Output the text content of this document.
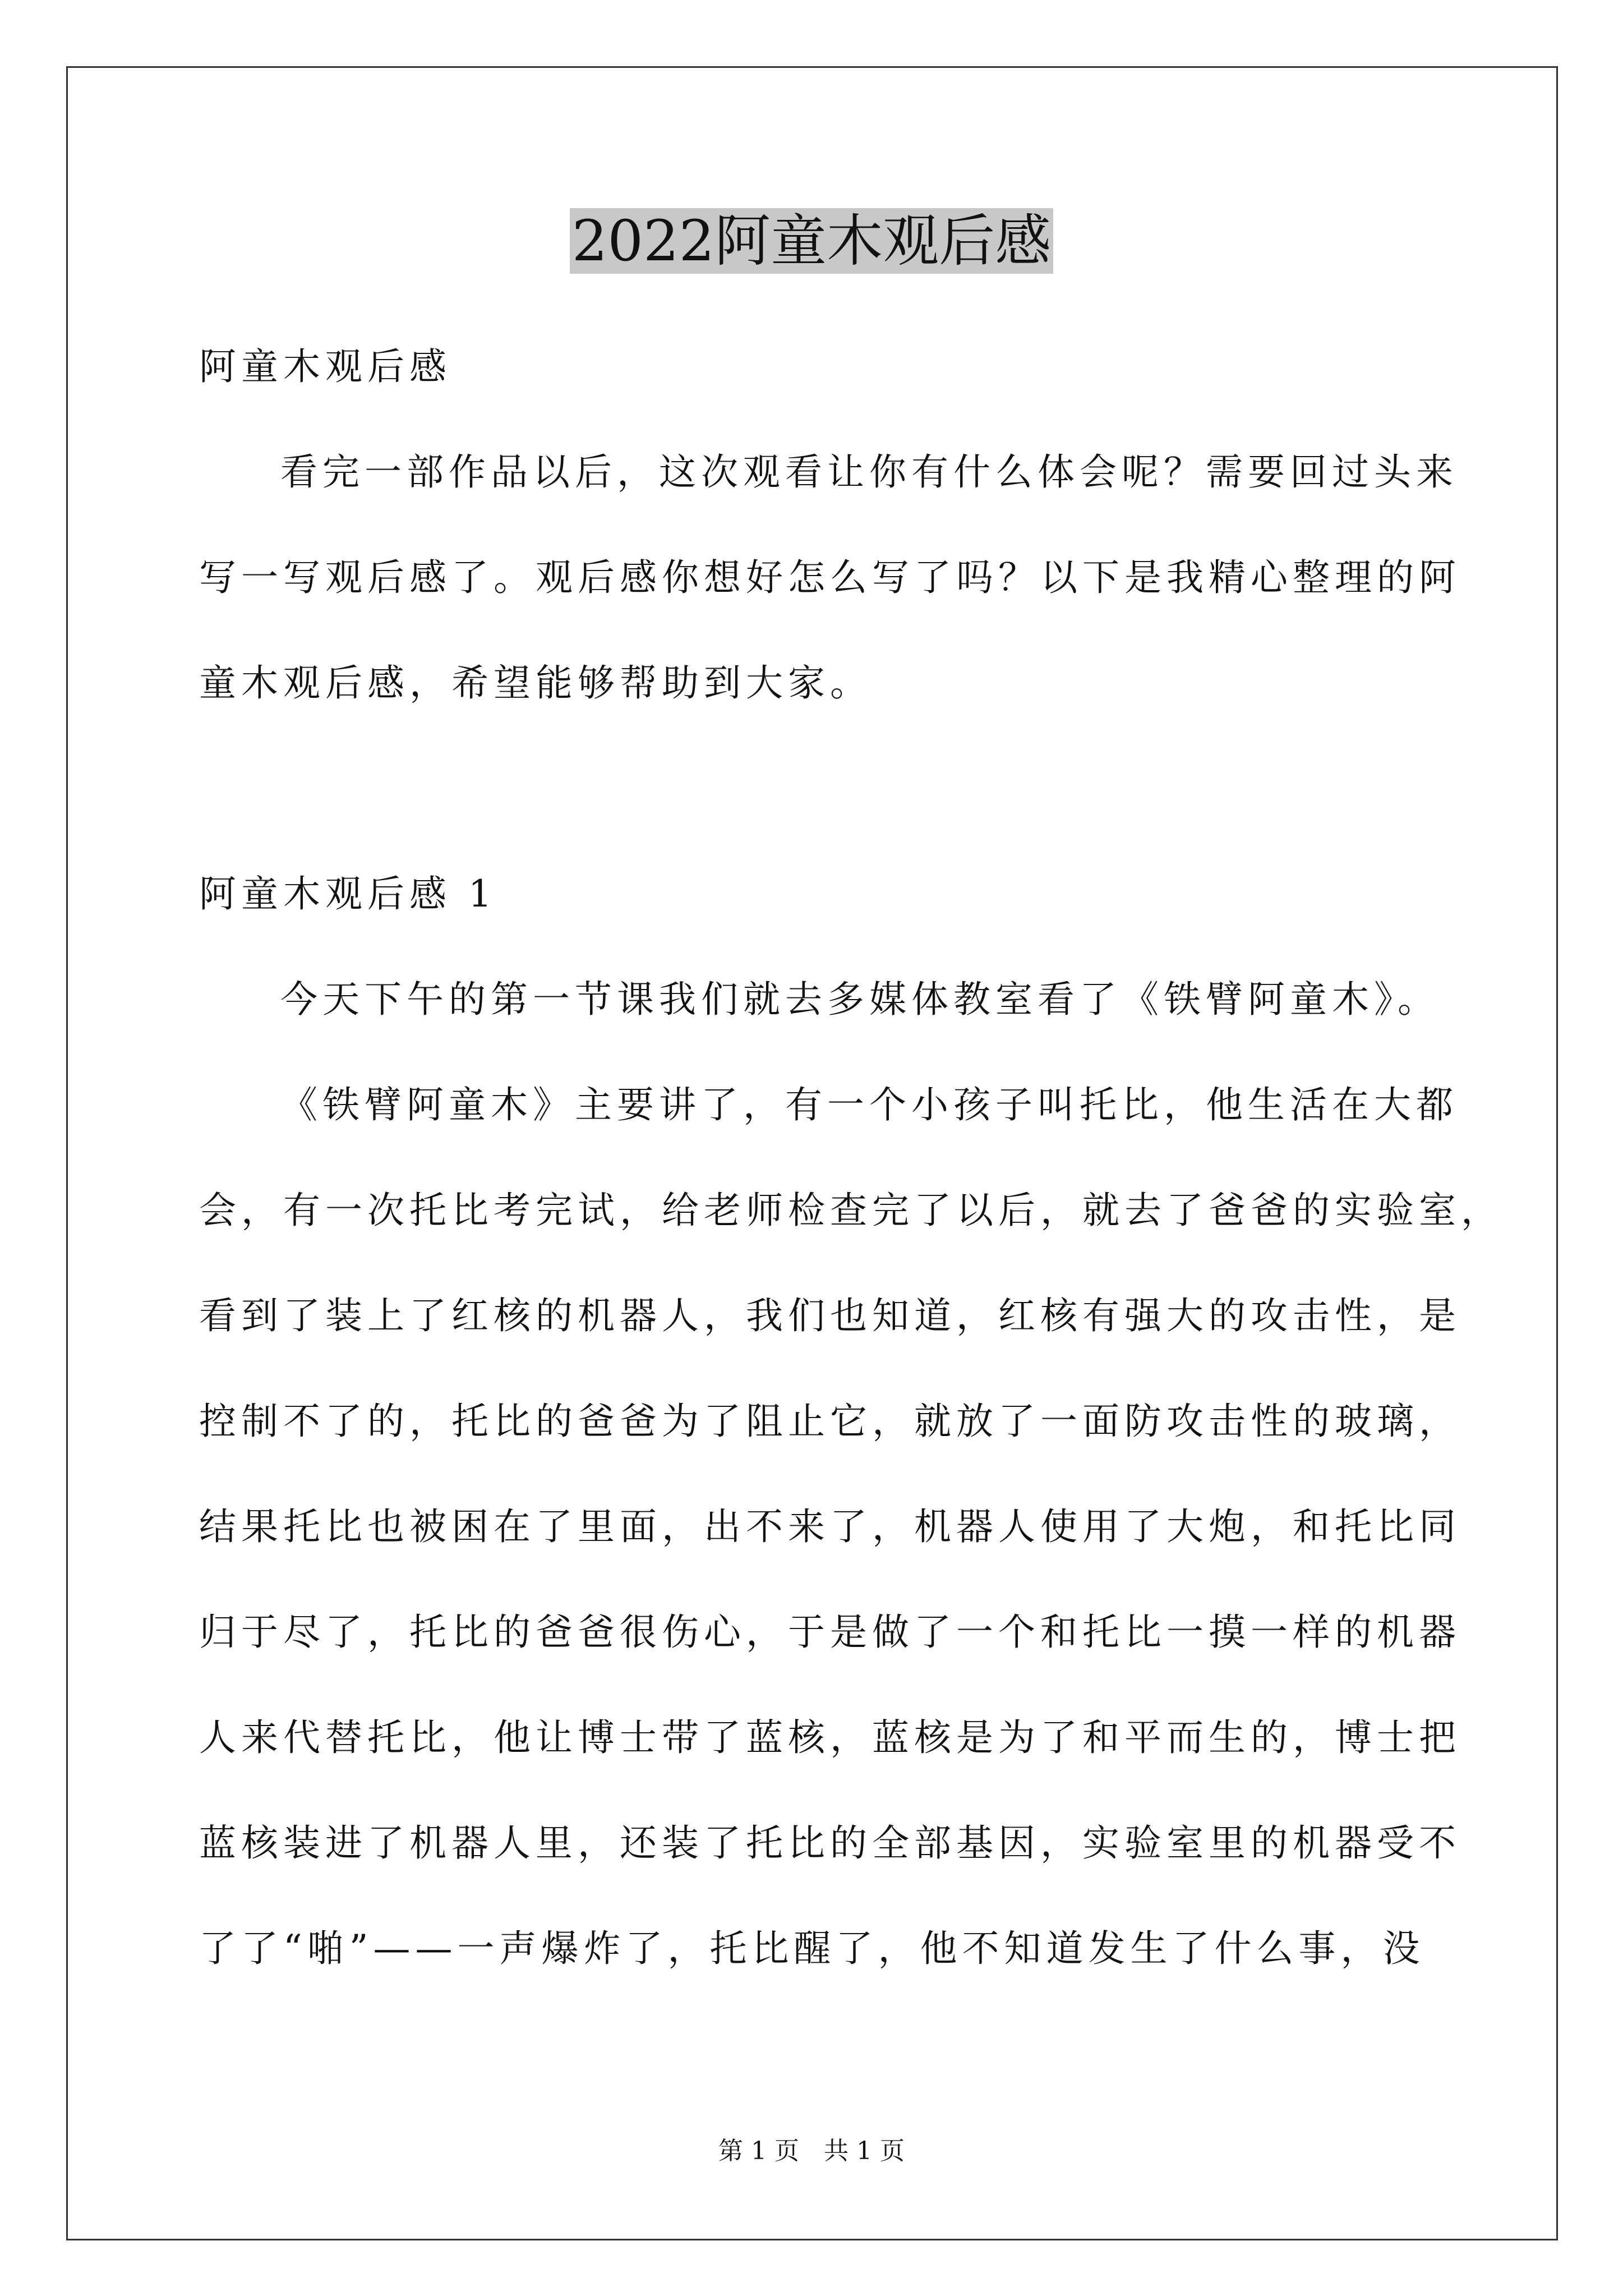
2022阿童木观后感
阿童木观后感
看完一部作品以后，这次观看让你有什么体会呢？需要回过头来
写一写观后感了。观后感你想好怎么写了吗？以下是我精心整理的阿
童木观后感，希望能够帮助到大家。
阿童木观后感 1
今天下午的第一节课我们就去多媒体教室看了《铁臂阿童木》。
《铁臂阿童木》主要讲了，有一个小孩子叫托比，他生活在大都
会，有一次托比考完试，给老师检查完了以后，就去了爸爸的实验室，
看到了装上了红核的机器人，我们也知道，红核有强大的攻击性，是
控制不了的，托比的爸爸为了阻止它，就放了一面防攻击性的玻璃，
结果托比也被困在了里面，出不来了，机器人使用了大炮，和托比同
归于尽了，托比的爸爸很伤心，于是做了一个和托比一摸一样的机器
人来代替托比，他让博士带了蓝核，蓝核是为了和平而生的，博士把
蓝核装进了机器人里，还装了托比的全部基因，实验室里的机器受不
了了“啪”——一声爆炸了，托比醒了，他不知道发生了什么事，没
第 1 页　共 1 页
